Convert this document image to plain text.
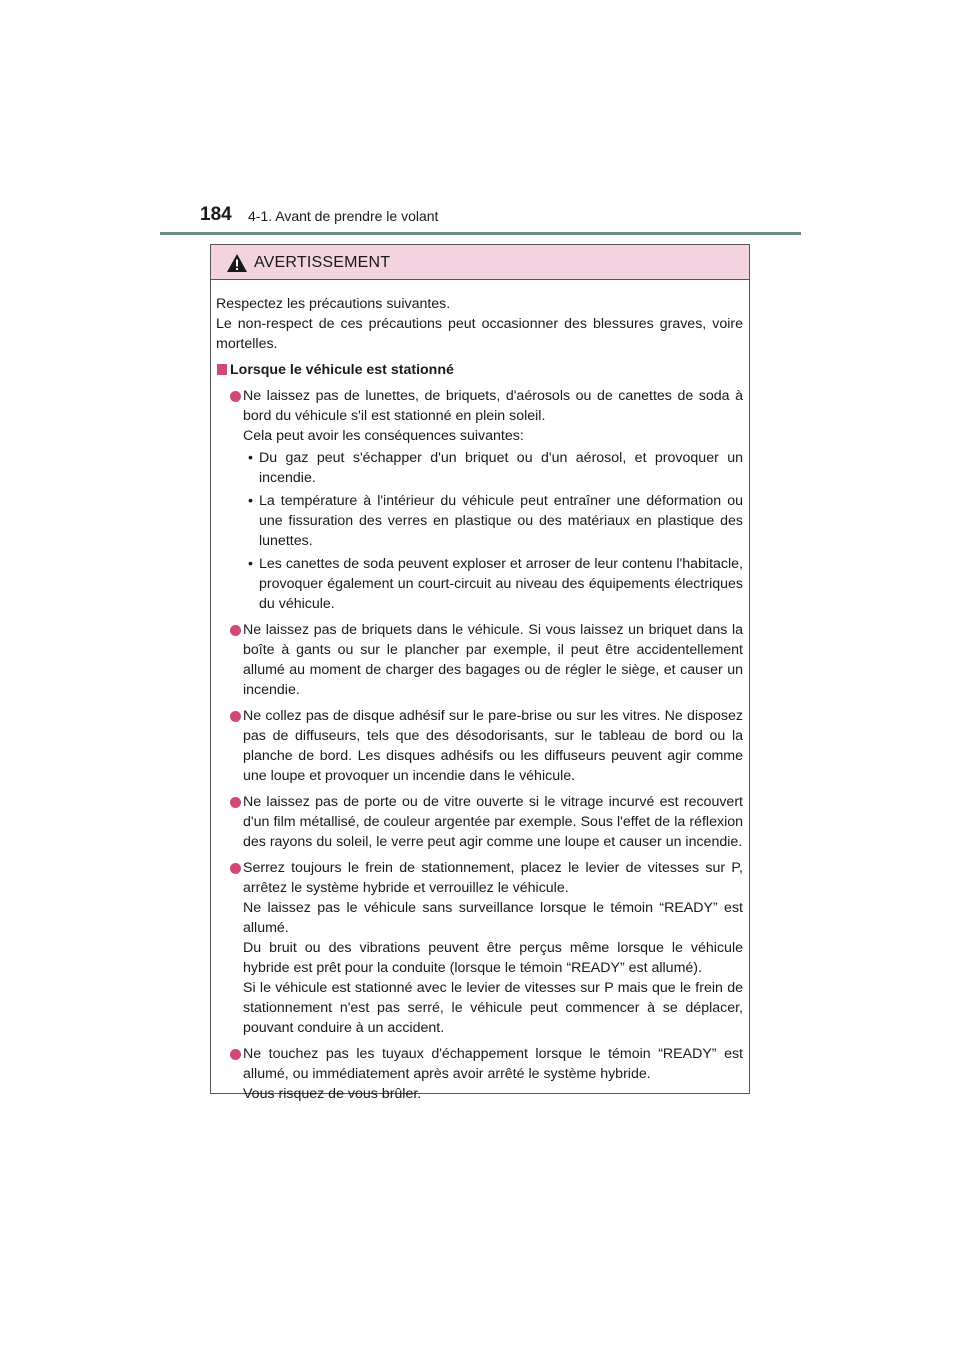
184 4-1. Avant de prendre le volant
AVERTISSEMENT

Respectez les précautions suivantes.

Le non-respect de ces précautions peut occasionner des blessures graves, voire mortelles.

Lorsque le véhicule est stationné

Ne laissez pas de lunettes, de briquets, d'aérosols ou de canettes de soda à bord du véhicule s'il est stationné en plein soleil.

Cela peut avoir les conséquences suivantes:

• Du gaz peut s'échapper d'un briquet ou d'un aérosol, et provoquer un incendie.
• La température à l'intérieur du véhicule peut entraîner une déformation ou une fissuration des verres en plastique ou des matériaux en plastique des lunettes.
• Les canettes de soda peuvent exploser et arroser de leur contenu l'habitacle, provoquer également un court-circuit au niveau des équipements électriques du véhicule.

Ne laissez pas de briquets dans le véhicule. Si vous laissez un briquet dans la boîte à gants ou sur le plancher par exemple, il peut être accidentellement allumé au moment de charger des bagages ou de régler le siège, et causer un incendie.

Ne collez pas de disque adhésif sur le pare-brise ou sur les vitres. Ne disposez pas de diffuseurs, tels que des désodorisants, sur le tableau de bord ou la planche de bord. Les disques adhésifs ou les diffuseurs peuvent agir comme une loupe et provoquer un incendie dans le véhicule.

Ne laissez pas de porte ou de vitre ouverte si le vitrage incurvé est recouvert d'un film métallisé, de couleur argentée par exemple. Sous l'effet de la réflexion des rayons du soleil, le verre peut agir comme une loupe et causer un incendie.

Serrez toujours le frein de stationnement, placez le levier de vitesses sur P, arrêtez le système hybride et verrouillez le véhicule.

Ne laissez pas le véhicule sans surveillance lorsque le témoin “READY” est allumé.

Du bruit ou des vibrations peuvent être perçus même lorsque le véhicule hybride est prêt pour la conduite (lorsque le témoin “READY” est allumé).

Si le véhicule est stationné avec le levier de vitesses sur P mais que le frein de stationnement n'est pas serré, le véhicule peut commencer à se déplacer, pouvant conduire à un accident.

Ne touchez pas les tuyaux d'échappement lorsque le témoin “READY” est allumé, ou immédiatement après avoir arrêté le système hybride.

Vous risquez de vous brûler.
